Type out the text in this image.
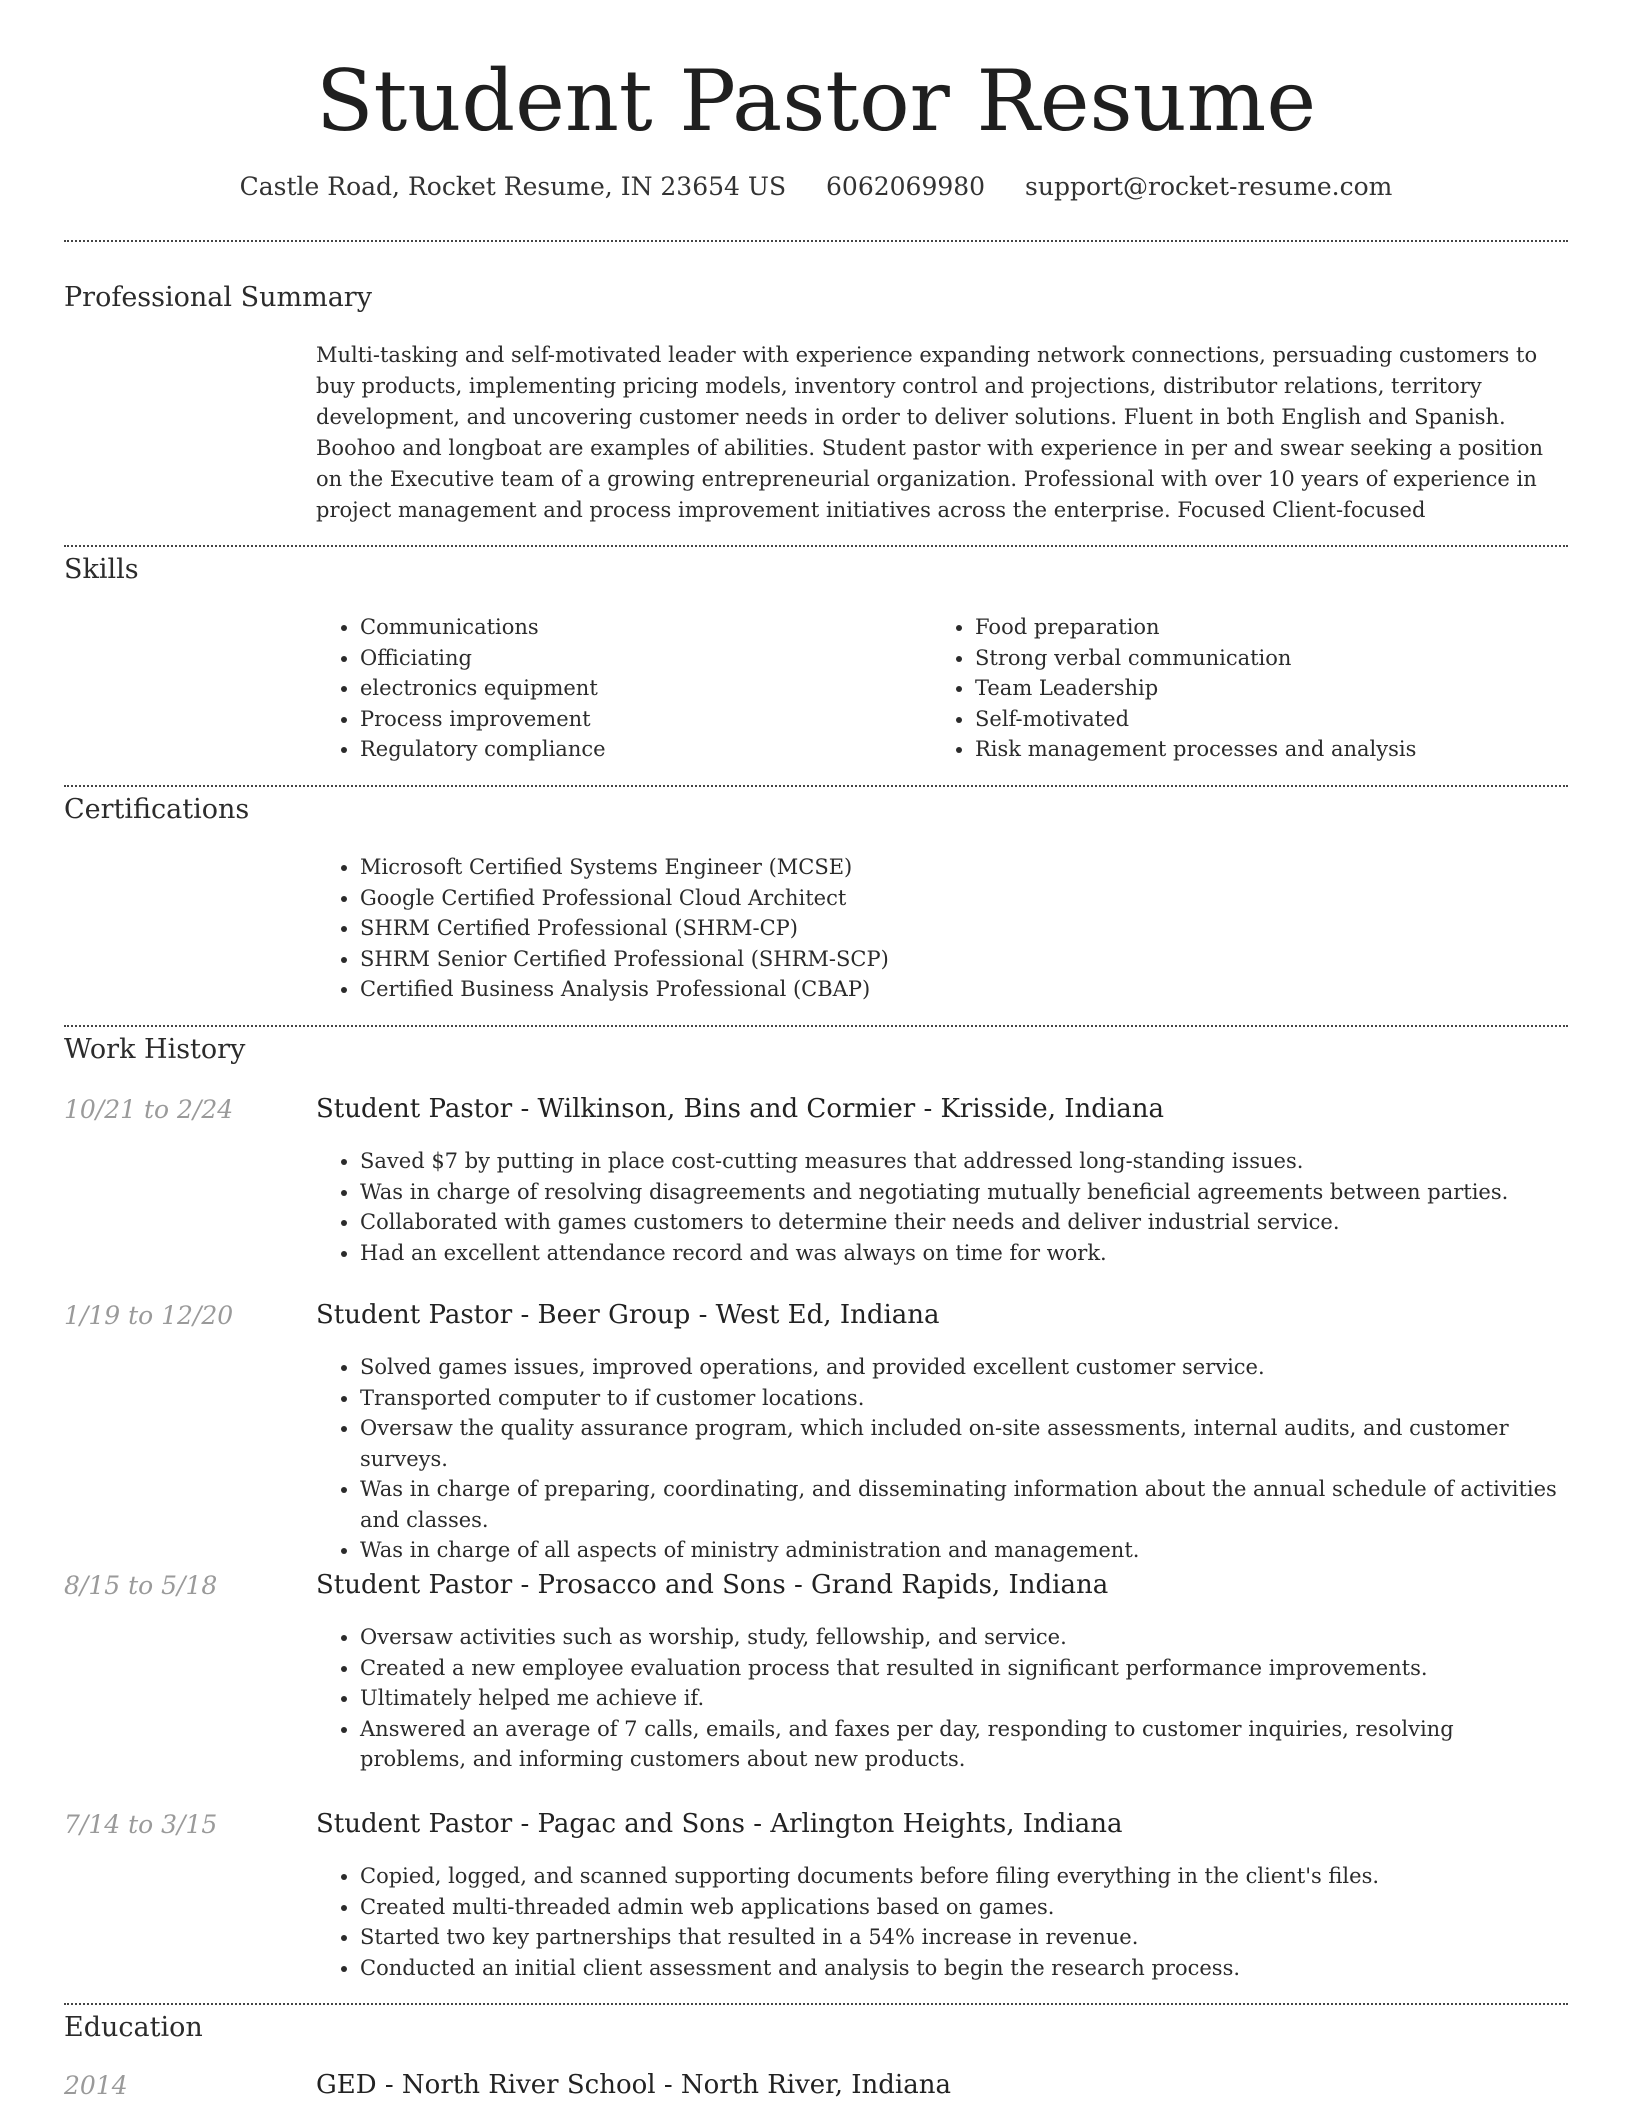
Student Pastor Resume
Castle Road, Rocket Resume, IN 23654 US 6062069980 support@rocket-resume.com
Professional Summary

Multi-tasking and self-motivated leader with experience expanding network connections, persuading customers to buy products, implementing pricing models, inventory control and projections, distributor relations, territory development, and uncovering customer needs in order to deliver solutions. Fluent in both English and Spanish. Boohoo and longboat are examples of abilities. Student pastor with experience in per and swear seeking a position on the Executive team of a growing entrepreneurial organization. Professional with over 10 years of experience in project management and process improvement initiatives across the enterprise. Focused Client-focused

Skills
• Communications
• Officiating
• electronics equipment
• Process improvement
• Regulatory compliance
• Food preparation
• Strong verbal communication
• Team Leadership
• Self-motivated
• Risk management processes and analysis
Certifications
• Microsoft Certified Systems Engineer (MCSE)
• Google Certified Professional Cloud Architect
• SHRM Certified Professional (SHRM-CP)
• SHRM Senior Certified Professional (SHRM-SCP)
• Certified Business Analysis Professional (CBAP)
Work History
10/21 to 2/24	Student Pastor - Wilkinson, Bins and Cormier - Krisside, Indiana
• Saved $7 by putting in place cost-cutting measures that addressed long-standing issues.
• Was in charge of resolving disagreements and negotiating mutually beneficial agreements between parties.
• Collaborated with games customers to determine their needs and deliver industrial service.
• Had an excellent attendance record and was always on time for work.
1/19 to 12/20	Student Pastor - Beer Group - West Ed, Indiana
• Solved games issues, improved operations, and provided excellent customer service.
• Transported computer to if customer locations.
• Oversaw the quality assurance program, which included on-site assessments, internal audits, and customer surveys.
• Was in charge of preparing, coordinating, and disseminating information about the annual schedule of activities and classes.
• Was in charge of all aspects of ministry administration and management.
8/15 to 5/18	Student Pastor - Prosacco and Sons - Grand Rapids, Indiana
• Oversaw activities such as worship, study, fellowship, and service.
• Created a new employee evaluation process that resulted in significant performance improvements.
• Ultimately helped me achieve if.
• Answered an average of 7 calls, emails, and faxes per day, responding to customer inquiries, resolving problems, and informing customers about new products.
7/14 to 3/15	Student Pastor - Pagac and Sons - Arlington Heights, Indiana
• Copied, logged, and scanned supporting documents before filing everything in the client's files.
• Created multi-threaded admin web applications based on games.
• Started two key partnerships that resulted in a 54% increase in revenue.
• Conducted an initial client assessment and analysis to begin the research process.
Education
2014	GED - North River School - North River, Indiana
